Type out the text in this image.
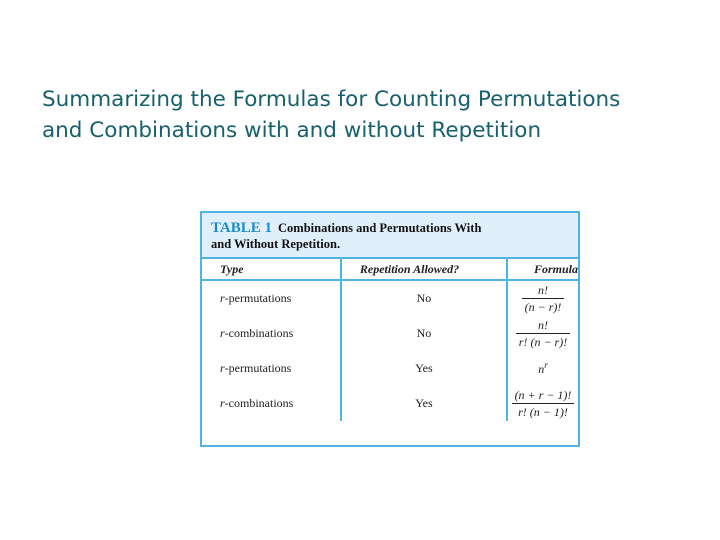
Summarizing the Formulas for Counting Permutations
and Combinations with and without Repetition
TABLE 1 Combinations and Permutations With
and Without Repetition.
Type	Repetition Allowed?	Formula
r-permutations	No	$\frac{n!}{(n - r)!}$

r-combinations	No	$\frac{n!}{r! (n - r)!}$

r-permutations	Yes	$n^r$
r-combinations	Yes	$\frac{(n + r - 1)!}{r! (n - 1)!}$
